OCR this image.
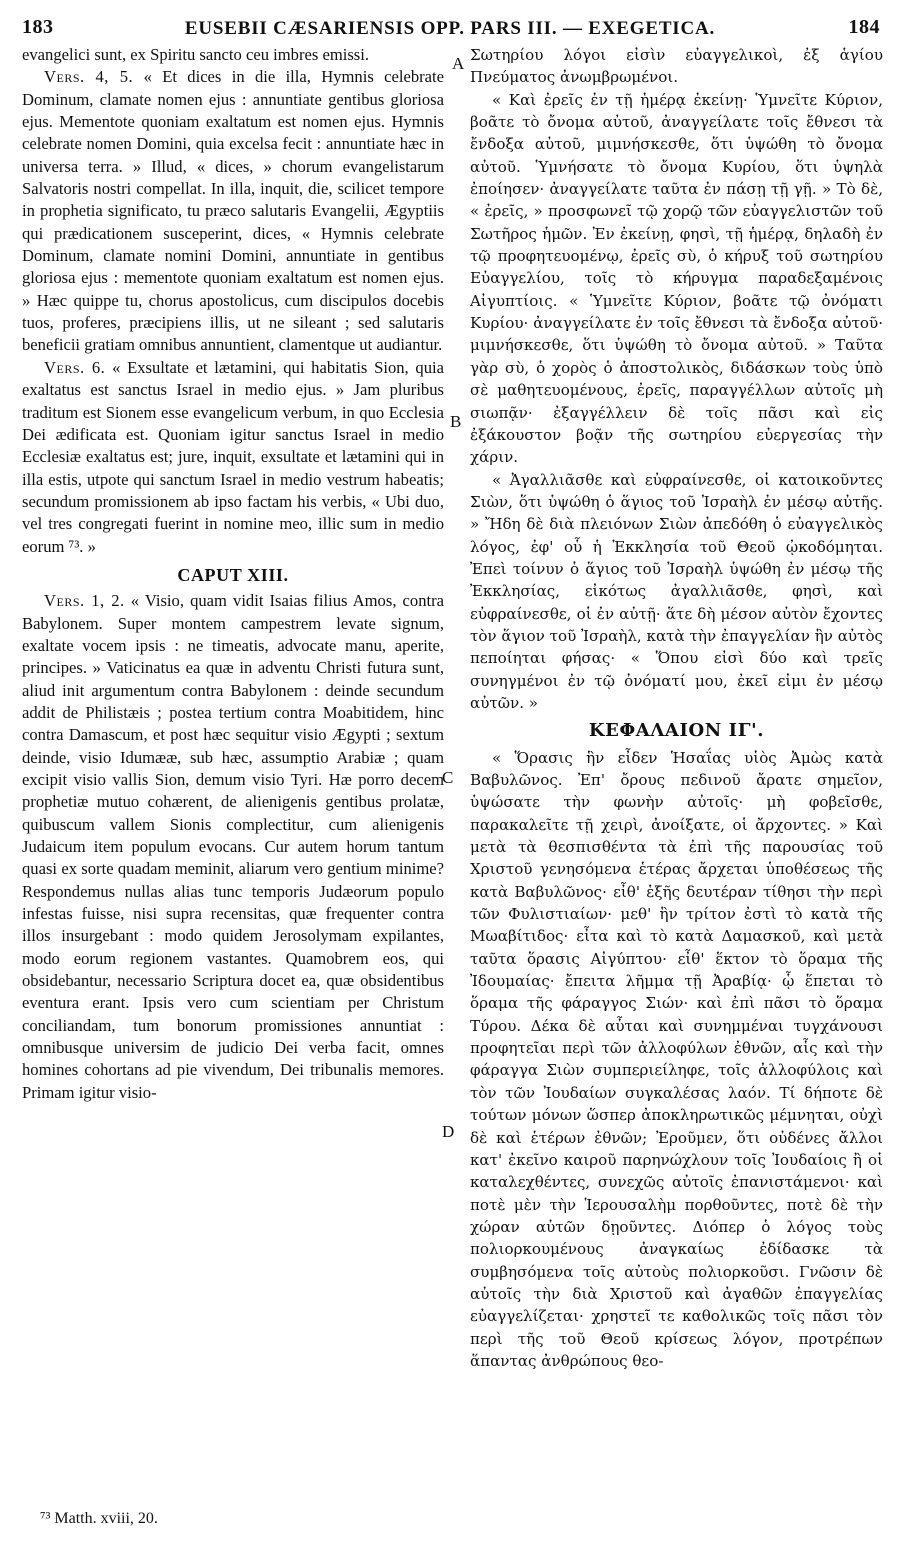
183	EUSEBII CÆSARIENSIS OPP. PARS III. — EXEGETICA.	184

evangelici sunt, ex Spiritu sancto ceu imbres emissi.

Vers. 4, 5. « Et dices in die illa, Hymnis celebrate Dominum, clamate nomen ejus : annuntiate gentibus gloriosa ejus. Mementote quoniam exaltatum est nomen ejus. Hymnis celebrate nomen Domini, quia excelsa fecit : annuntiate hæc in universa terra. » Illud, « dices, » chorum evangelistarum Salvatoris nostri compellat. In illa, inquit, die, scilicet tempore in prophetia significato, tu præco salutaris Evangelii, Ægyptiis qui prædicationem susceperint, dices, « Hymnis celebrate Dominum, clamate nomini Domini, annuntiate in gentibus gloriosa ejus : mementote quoniam exaltatum est nomen ejus. » Hæc quippe tu, chorus apostolicus, cum discipulos docebis tuos, proferes, præcipiens illis, ut ne sileant ; sed salutaris beneficii gratiam omnibus annuntient, clamentque ut audiantur.

Vers. 6. « Exsultate et lætamini, qui habitatis Sion, quia exaltatus est sanctus Israel in medio ejus. » Jam pluribus traditum est Sionem esse evangelicum verbum, in quo Ecclesia Dei ædificata est. Quoniam igitur sanctus Israel in medio Ecclesiæ exaltatus est; jure, inquit, exsultate et lætamini qui in illa estis, utpote qui sanctum Israel in medio vestrum habeatis; secundum promissionem ab ipso factam his verbis, « Ubi duo, vel tres congregati fuerint in nomine meo, illic sum in medio eorum ⁷³. »

CAPUT XIII.

Vers. 1, 2. « Visio, quam vidit Isaias filius Amos, contra Babylonem. Super montem campestrem levate signum, exaltate vocem ipsis : ne timeatis, advocate manu, aperite, principes. » Vaticinatus ea quæ in adventu Christi futura sunt, aliud init argumentum contra Babylonem : deinde secundum addit de Philistæis ; postea tertium contra Moabitidem, hinc contra Damascum, et post hæc sequitur visio Ægypti ; sextum deinde, visio Idumææ, sub hæc, assumptio Arabiæ ; quam excipit visio vallis Sion, demum visio Tyri. Hæ porro decem prophetiæ mutuo cohærent, de alienigenis gentibus prolatæ, quibuscum vallem Sionis complectitur, cum alienigenis Judaicum item populum evocans. Cur autem horum tantum quasi ex sorte quadam meminit, aliarum vero gentium minime? Respondemus nullas alias tunc temporis Judæorum populo infestas fuisse, nisi supra recensitas, quæ frequenter contra illos insurgebant : modo quidem Jerosolymam expilantes, modo eorum regionem vastantes. Quamobrem eos, qui obsidebantur, necessario Scriptura docet ea, quæ obsidentibus eventura erant. Ipsis vero cum scientiam per Christum conciliandam, tum bonorum promissiones annuntiat : omnibusque universim de judicio Dei verba facit, omnes homines cohortans ad pie vivendum, Dei tribunalis memores. Primam igitur visio-

A
B
C
D

Σωτηρίου λόγοι εἰσὶν εὐαγγελικοὶ, ἐξ ἁγίου Πνεύματος ἀνωμβρωμένοι.

« Καὶ ἐρεῖς ἐν τῇ ἡμέρᾳ ἐκείνῃ· Ὑμνεῖτε Κύριον, βοᾶτε τὸ ὄνομα αὐτοῦ, ἀναγγείλατε τοῖς ἔθνεσι τὰ ἔνδοξα αὐτοῦ, μιμνήσκεσθε, ὅτι ὑψώθη τὸ ὄνομα αὐτοῦ. Ὑμνήσατε τὸ ὄνομα Κυρίου, ὅτι ὑψηλὰ ἐποίησεν· ἀναγγείλατε ταῦτα ἐν πάσῃ τῇ γῇ. » Τὸ δὲ, « ἐρεῖς, » προσφωνεῖ τῷ χορῷ τῶν εὐαγγελιστῶν τοῦ Σωτῆρος ἡμῶν. Ἐν ἐκείνῃ, φησὶ, τῇ ἡμέρᾳ, δηλαδὴ ἐν τῷ προφητευομένῳ, ἐρεῖς σὺ, ὁ κήρυξ τοῦ σωτηρίου Εὐαγγελίου, τοῖς τὸ κήρυγμα παραδεξαμένοις Αἰγυπτίοις. « Ὑμνεῖτε Κύριον, βοᾶτε τῷ ὀνόματι Κυρίου· ἀναγγείλατε ἐν τοῖς ἔθνεσι τὰ ἔνδοξα αὐτοῦ· μιμνήσκεσθε, ὅτι ὑψώθη τὸ ὄνομα αὐτοῦ. » Ταῦτα γὰρ σὺ, ὁ χορὸς ὁ ἀποστολικὸς, διδάσκων τοὺς ὑπὸ σὲ μαθητευομένους, ἐρεῖς, παραγγέλλων αὐτοῖς μὴ σιωπᾷν· ἐξαγγέλλειν δὲ τοῖς πᾶσι καὶ εἰς ἐξάκουστον βοᾷν τῆς σωτηρίου εὐεργεσίας τὴν χάριν.

« Ἀγαλλιᾶσθε καὶ εὐφραίνεσθε, οἱ κατοικοῦντες Σιὼν, ὅτι ὑψώθη ὁ ἅγιος τοῦ Ἰσραὴλ ἐν μέσῳ αὐτῆς. » Ἤδη δὲ διὰ πλειόνων Σιὼν ἀπεδόθη ὁ εὐαγγελικὸς λόγος, ἐφ' οὗ ἡ Ἐκκλησία τοῦ Θεοῦ ᾠκοδόμηται. Ἐπεὶ τοίνυν ὁ ἅγιος τοῦ Ἰσραὴλ ὑψώθη ἐν μέσῳ τῆς Ἐκκλησίας, εἰκότως ἀγαλλιᾶσθε, φησὶ, καὶ εὐφραίνεσθε, οἱ ἐν αὐτῇ· ἅτε δὴ μέσον αὐτὸν ἔχοντες τὸν ἅγιον τοῦ Ἰσραὴλ, κατὰ τὴν ἐπαγγελίαν ἣν αὐτὸς πεποίηται φήσας· « Ὅπου εἰσὶ δύο καὶ τρεῖς συνηγμένοι ἐν τῷ ὀνόματί μου, ἐκεῖ εἰμι ἐν μέσῳ αὐτῶν. »

ΚΕΦΑΛΑΙΟΝ ΙΓ'.

« Ὅρασις ἣν εἶδεν Ἡσαΐας υἱὸς Ἀμὼς κατὰ Βαβυλῶνος. Ἐπ' ὄρους πεδινοῦ ἄρατε σημεῖον, ὑψώσατε τὴν φωνὴν αὐτοῖς· μὴ φοβεῖσθε, παρακαλεῖτε τῇ χειρὶ, ἀνοίξατε, οἱ ἄρχοντες. » Καὶ μετὰ τὰ θεσπισθέντα τὰ ἐπὶ τῆς παρουσίας τοῦ Χριστοῦ γενησόμενα ἑτέρας ἄρχεται ὑποθέσεως τῆς κατὰ Βαβυλῶνος· εἶθ' ἑξῆς δευτέραν τίθησι τὴν περὶ τῶν Φυλιστιαίων· μεθ' ἣν τρίτον ἐστὶ τὸ κατὰ τῆς Μωαβίτιδος· εἶτα καὶ τὸ κατὰ Δαμασκοῦ, καὶ μετὰ ταῦτα ὅρασις Αἰγύπτου· εἶθ' ἕκτον τὸ ὅραμα τῆς Ἰδουμαίας· ἔπειτα λῆμμα τῇ Ἀραβίᾳ· ᾧ ἕπεται τὸ ὅραμα τῆς φάραγγος Σιών· καὶ ἐπὶ πᾶσι τὸ ὅραμα Τύρου. Δέκα δὲ αὗται καὶ συνημμέναι τυγχάνουσι προφητεῖαι περὶ τῶν ἀλλοφύλων ἐθνῶν, αἷς καὶ τὴν φάραγγα Σιὼν συμπεριείληφε, τοῖς ἀλλοφύλοις καὶ τὸν τῶν Ἰουδαίων συγκαλέσας λαόν. Τί δήποτε δὲ τούτων μόνων ὥσπερ ἀποκληρωτικῶς μέμνηται, οὐχὶ δὲ καὶ ἑτέρων ἐθνῶν; Ἐροῦμεν, ὅτι οὐδένες ἄλλοι κατ' ἐκεῖνο καιροῦ παρηνώχλουν τοῖς Ἰουδαίοις ἢ οἱ καταλεχθέντες, συνεχῶς αὐτοῖς ἐπανιστάμενοι· καὶ ποτὲ μὲν τὴν Ἱερουσαλὴμ πορθοῦντες, ποτὲ δὲ τὴν χώραν αὐτῶν δῃοῦντες. Διόπερ ὁ λόγος τοὺς πολιορκουμένους ἀναγκαίως ἐδίδασκε τὰ συμβησόμενα τοῖς αὐτοὺς πολιορκοῦσι. Γνῶσιν δὲ αὐτοῖς τὴν διὰ Χριστοῦ καὶ ἀγαθῶν ἐπαγγελίας εὐαγγελίζεται· χρηστεῖ τε καθολικῶς τοῖς πᾶσι τὸν περὶ τῆς τοῦ Θεοῦ κρίσεως λόγον, προτρέπων ἅπαντας ἀνθρώπους θεο-

⁷³ Matth. xviii, 20.
